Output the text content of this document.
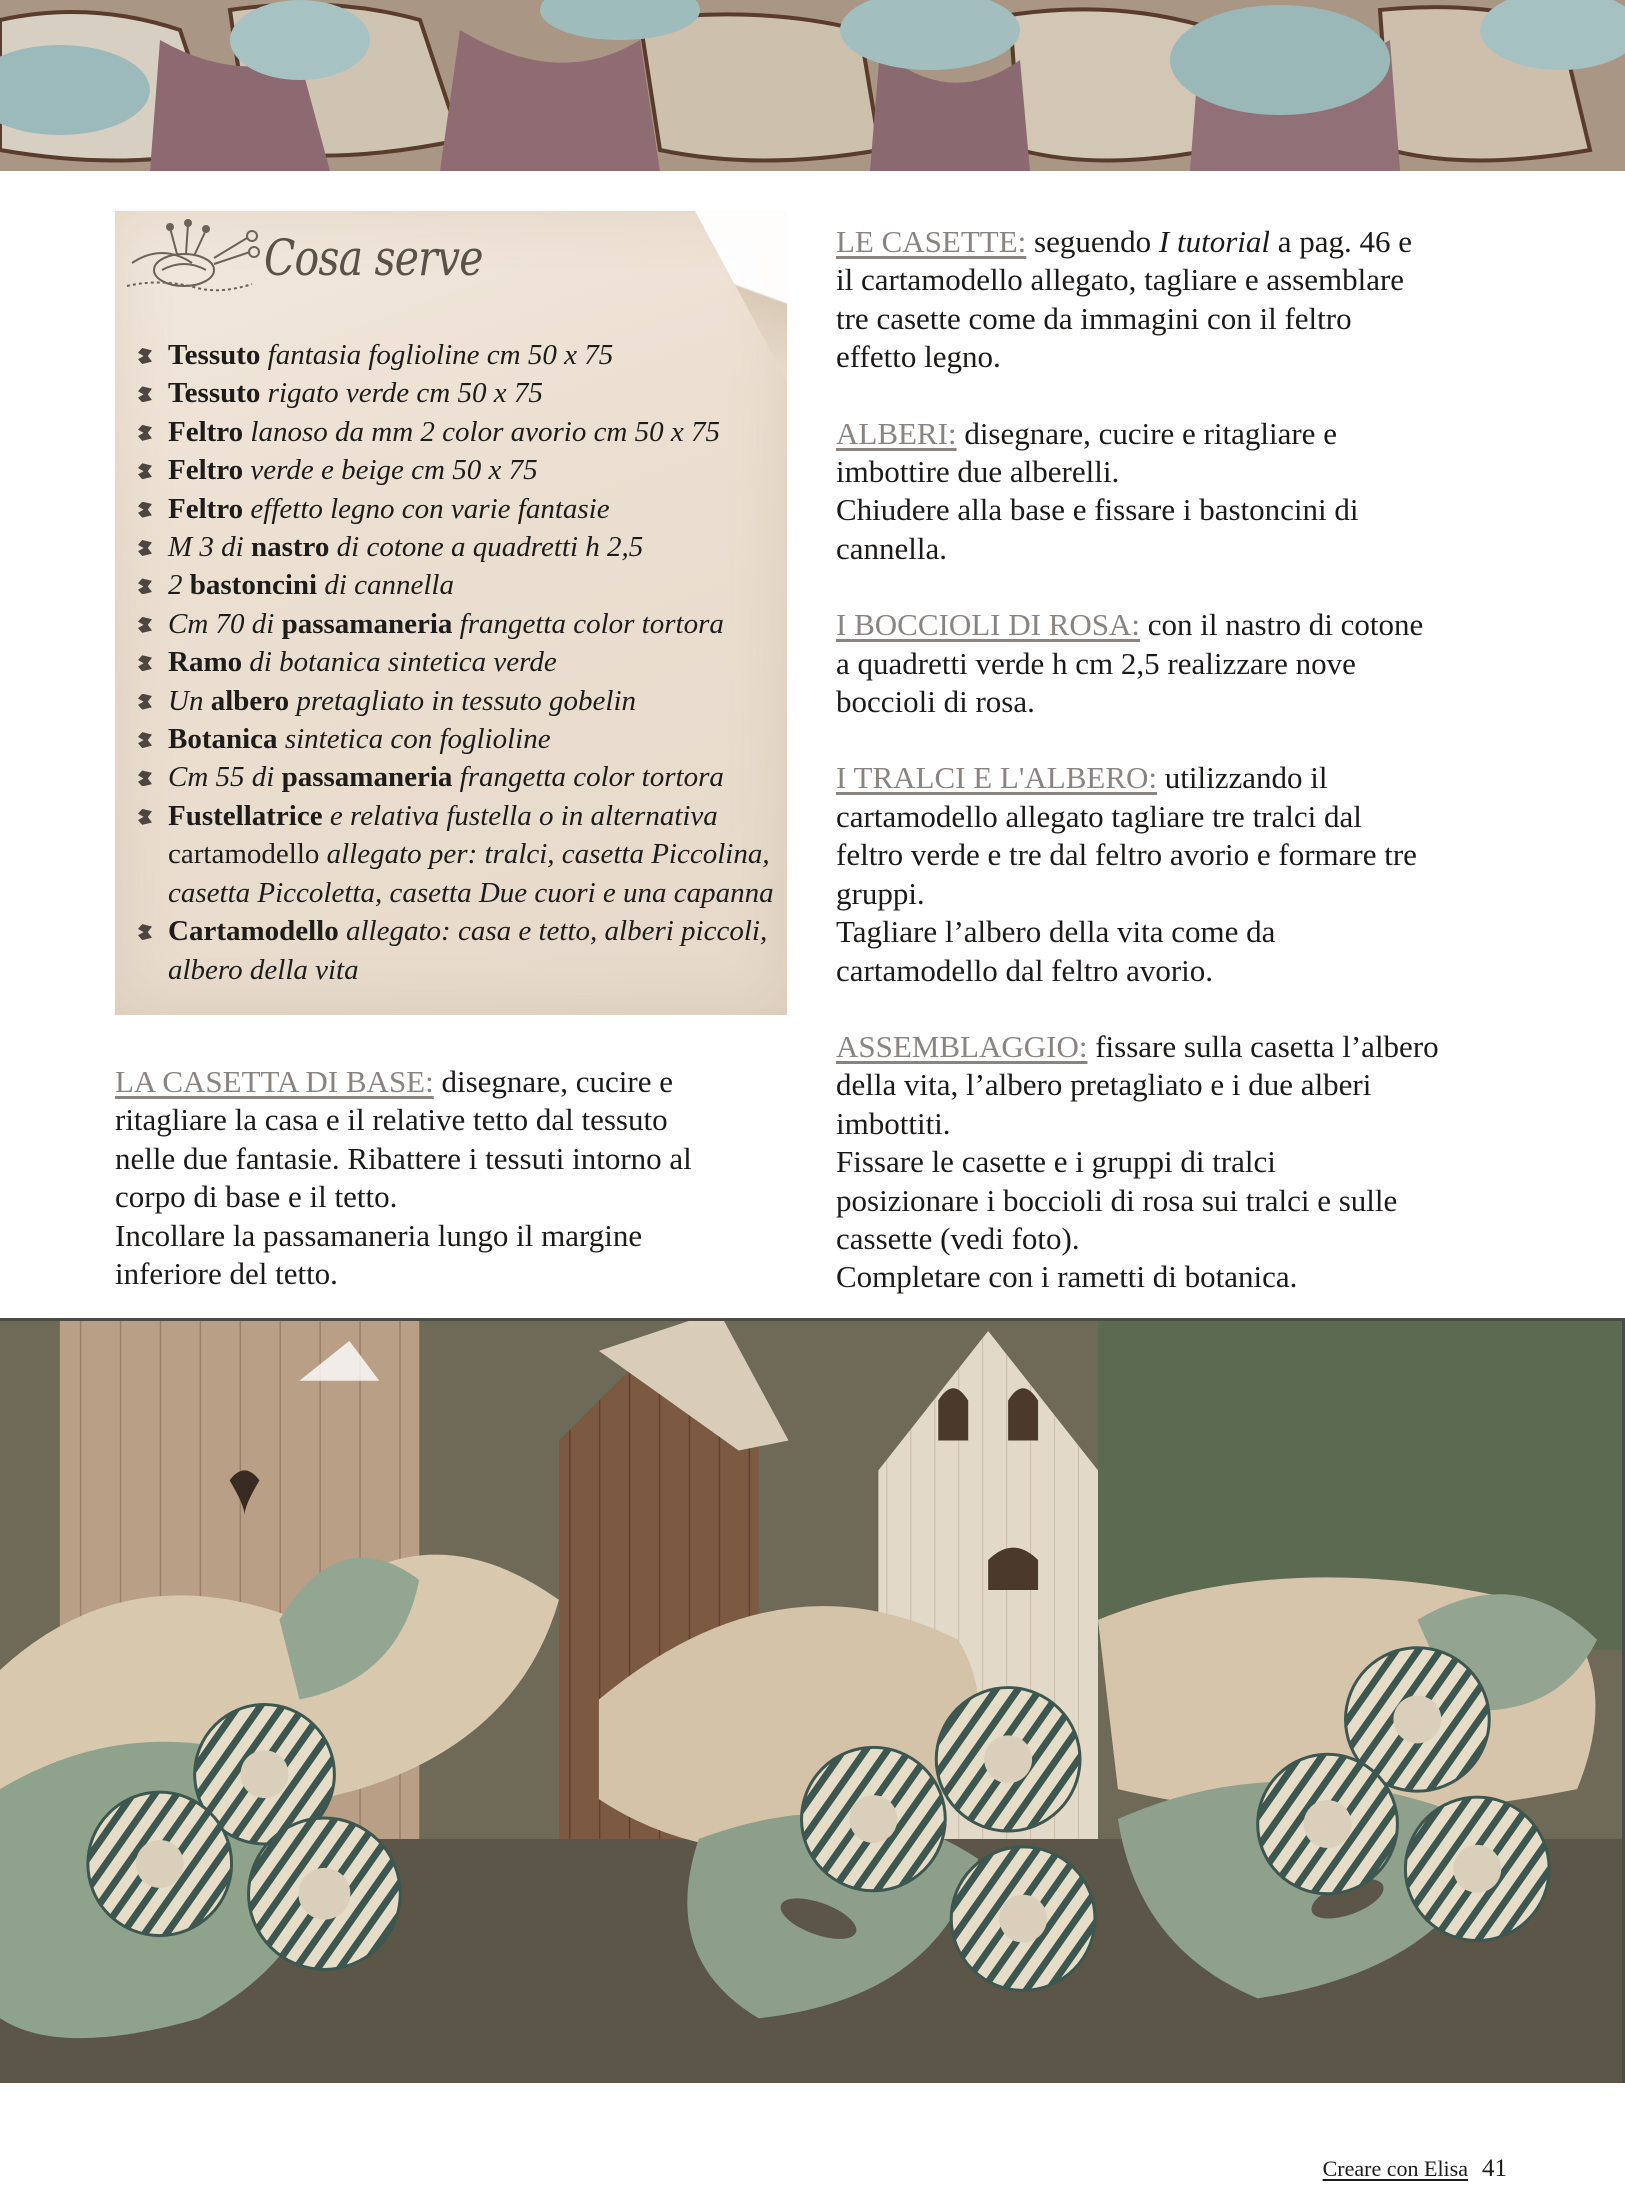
Cosa serve
Tessuto fantasia foglioline cm 50 x 75
Tessuto rigato verde cm 50 x 75
Feltro lanoso da mm 2 color avorio cm 50 x 75
Feltro verde e beige cm 50 x 75
Feltro effetto legno con varie fantasie
M 3 di nastro di cotone a quadretti h 2,5
2 bastoncini di cannella
Cm 70 di passamaneria frangetta color tortora
Ramo di botanica sintetica verde
Un albero pretagliato in tessuto gobelin
Botanica sintetica con foglioline
Cm 55 di passamaneria frangetta color tortora
Fustellatrice e relativa fustella o in alternativa
cartamodello allegato per: tralci, casetta Piccolina,
casetta Piccoletta, casetta Due cuori e una capanna
Cartamodello allegato: casa e tetto, alberi piccoli,
albero della vita

LA CASETTA DI BASE: disegnare, cucire e
ritagliare la casa e il relative tetto dal tessuto
nelle due fantasie. Ribattere i tessuti intorno al
corpo di base e il tetto.
Incollare la passamaneria lungo il margine
inferiore del tetto.

LE CASETTE: seguendo I tutorial a pag. 46 e
il cartamodello allegato, tagliare e assemblare
tre casette come da immagini con il feltro
effetto legno.

ALBERI: disegnare, cucire e ritagliare e
imbottire due alberelli.
Chiudere alla base e fissare i bastoncini di
cannella.

I BOCCIOLI DI ROSA: con il nastro di cotone
a quadretti verde h cm 2,5 realizzare nove
boccioli di rosa.

I TRALCI E L'ALBERO: utilizzando il
cartamodello allegato tagliare tre tralci dal
feltro verde e tre dal feltro avorio e formare tre
gruppi.
Tagliare l’albero della vita come da
cartamodello dal feltro avorio.

ASSEMBLAGGIO: fissare sulla casetta l’albero
della vita, l’albero pretagliato e i due alberi
imbottiti.
Fissare le casette e i gruppi di tralci
posizionare i boccioli di rosa sui tralci e sulle
cassette (vedi foto).
Completare con i rametti di botanica.

Creare con Elisa 41
